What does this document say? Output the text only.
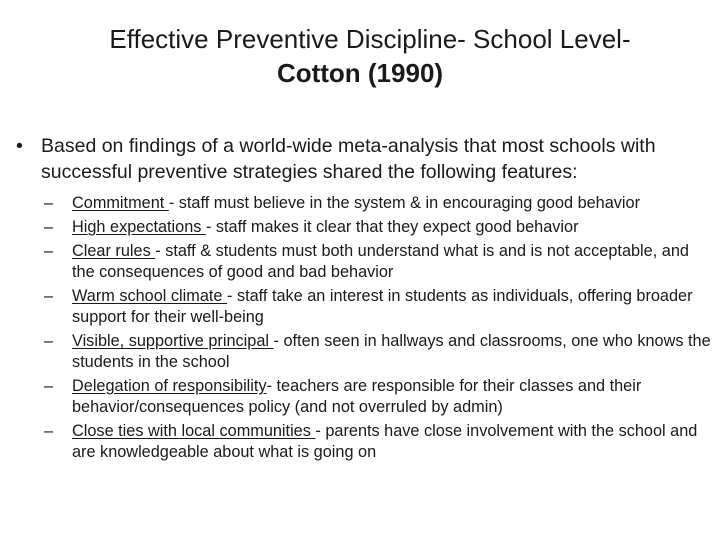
Effective Preventive Discipline- School Level-
Cotton (1990)
• Based on findings of a world-wide meta-analysis that most schools with successful preventive strategies shared the following features:
– Commitment - staff must believe in the system & in encouraging good behavior
– High expectations - staff makes it clear that they expect good behavior
– Clear rules - staff & students must both understand what is and is not acceptable, and the consequences of good and bad behavior
– Warm school climate - staff take an interest in students as individuals, offering broader support for their well-being
– Visible, supportive principal - often seen in hallways and classrooms, one who knows the students in the school
– Delegation of responsibility- teachers are responsible for their classes and their behavior/consequences policy (and not overruled by admin)
– Close ties with local communities - parents have close involvement with the school and are knowledgeable about what is going on
